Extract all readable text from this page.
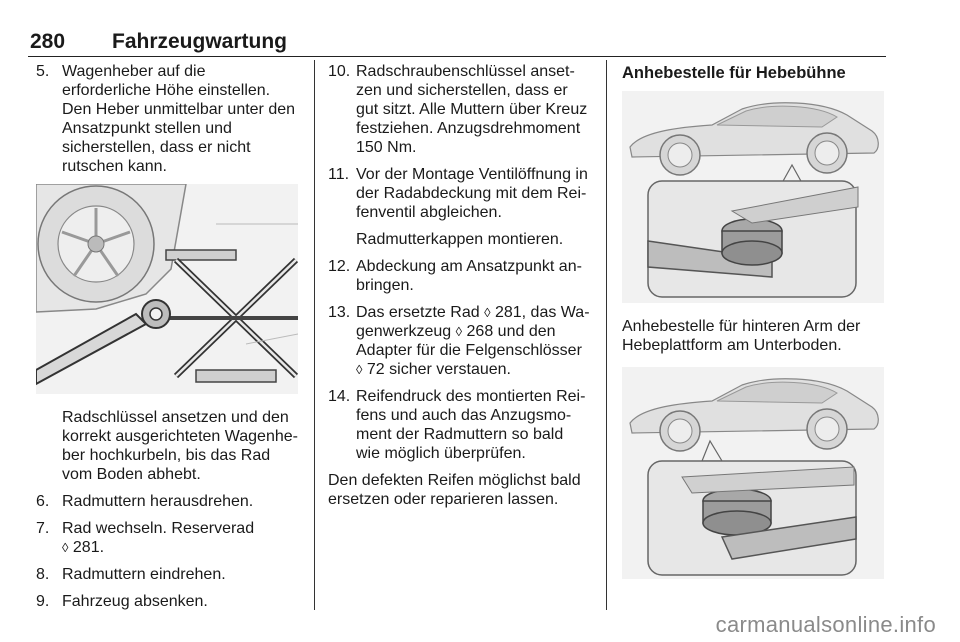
280 Fahrzeugwartung
5. Wagenheber auf die erforderliche Höhe einstellen. Den Heber unmittelbar unter den Ansatzpunkt stellen und sicherstellen, dass er nicht rutschen kann.
Radschlüssel ansetzen und den korrekt ausgerichteten Wagenheber hochkurbeln, bis das Rad vom Boden abhebt.
6. Radmuttern herausdrehen.
7. Rad wechseln. Reserverad
◊ 281.
8. Radmuttern eindrehen.
9. Fahrzeug absenken.
10. Radschraubenschlüssel ansetzen und sicherstellen, dass er gut sitzt. Alle Muttern über Kreuz festziehen. Anzugsdrehmoment 150 Nm.
11. Vor der Montage Ventilöffnung in der Radabdeckung mit dem Reifenventil abgleichen.
Radmutterkappen montieren.
12. Abdeckung am Ansatzpunkt anbringen.
13. Das ersetzte Rad ◊ 281, das Wagenwerkzeug ◊ 268 und den Adapter für die Felgenschlösser ◊ 72 sicher verstauen.
14. Reifendruck des montierten Reifens und auch das Anzugsmoment der Radmuttern so bald wie möglich überprüfen.
Den defekten Reifen möglichst bald ersetzen oder reparieren lassen.
Anhebestelle für Hebebühne
Anhebestelle für hinteren Arm der Hebeplattform am Unterboden.
carmanualsonline.info
